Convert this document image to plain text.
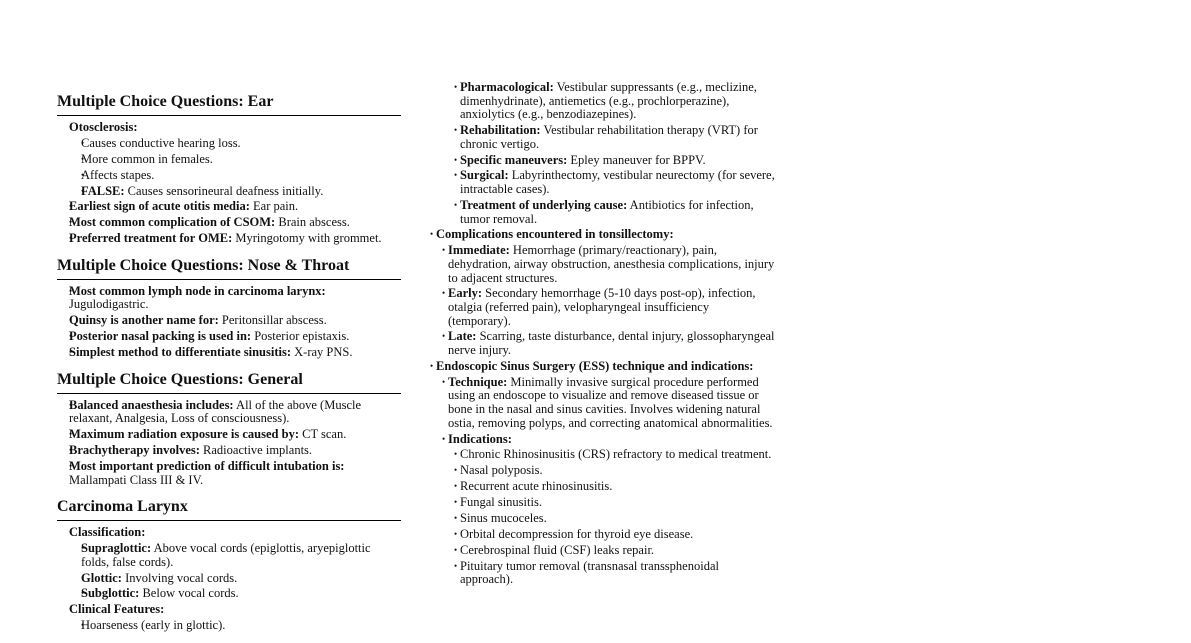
Multiple Choice Questions: Ear
• Otosclerosis:
• Causes conductive hearing loss.
• More common in females.
• Affects stapes.
• FALSE: Causes sensorineural deafness initially.
• Earliest sign of acute otitis media: Ear pain.
• Most common complication of CSOM: Brain abscess.
• Preferred treatment for OME: Myringotomy with grommet.
Multiple Choice Questions: Nose & Throat
• Most common lymph node in carcinoma larynx: Jugulodigastric.
• Quinsy is another name for: Peritonsillar abscess.
• Posterior nasal packing is used in: Posterior epistaxis.
• Simplest method to differentiate sinusitis: X-ray PNS.
Multiple Choice Questions: General
• Balanced anaesthesia includes: All of the above (Muscle relaxant, Analgesia, Loss of consciousness).
• Maximum radiation exposure is caused by: CT scan.
• Brachytherapy involves: Radioactive implants.
• Most important prediction of difficult intubation is: Mallampati Class III & IV.
Carcinoma Larynx
• Classification:
• Supraglottic: Above vocal cords (epiglottis, aryepiglottic folds, false cords).
• Glottic: Involving vocal cords.
• Subglottic: Below vocal cords.
• Clinical Features:
• Hoarseness (early in glottic).
• Pharmacological: Vestibular suppressants (e.g., meclizine, dimenhydrinate), antiemetics (e.g., prochlorperazine), anxiolytics (e.g., benzodiazepines).
• Rehabilitation: Vestibular rehabilitation therapy (VRT) for chronic vertigo.
• Specific maneuvers: Epley maneuver for BPPV.
• Surgical: Labyrinthectomy, vestibular neurectomy (for severe, intractable cases).
• Treatment of underlying cause: Antibiotics for infection, tumor removal.
• Complications encountered in tonsillectomy:
• Immediate: Hemorrhage (primary/reactionary), pain, dehydration, airway obstruction, anesthesia complications, injury to adjacent structures.
• Early: Secondary hemorrhage (5-10 days post-op), infection, otalgia (referred pain), velopharyngeal insufficiency (temporary).
• Late: Scarring, taste disturbance, dental injury, glossopharyngeal nerve injury.
• Endoscopic Sinus Surgery (ESS) technique and indications:
• Technique: Minimally invasive surgical procedure performed using an endoscope to visualize and remove diseased tissue or bone in the nasal and sinus cavities. Involves widening natural ostia, removing polyps, and correcting anatomical abnormalities.
• Indications:
• Chronic Rhinosinusitis (CRS) refractory to medical treatment.
• Nasal polyposis.
• Recurrent acute rhinosinusitis.
• Fungal sinusitis.
• Sinus mucoceles.
• Orbital decompression for thyroid eye disease.
• Cerebrospinal fluid (CSF) leaks repair.
• Pituitary tumor removal (transnasal transsphenoidal approach).
